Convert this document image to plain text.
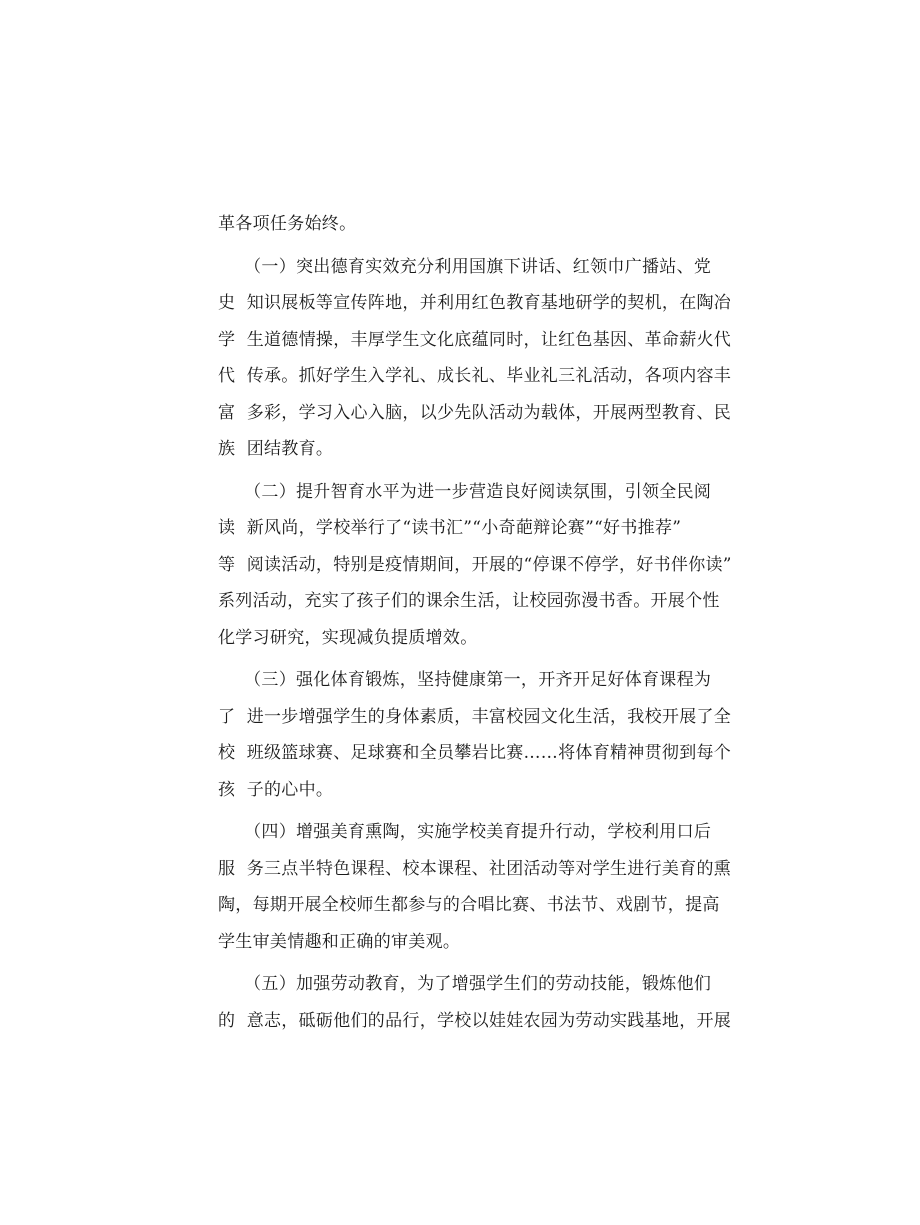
革各项任务始终。
　　（一）突出德育实效充分利用国旗下讲话、红领巾广播站、党
史  知识展板等宣传阵地，并利用红色教育基地研学的契机，在陶冶
学  生道德情操，丰厚学生文化底蕴同时，让红色基因、革命薪火代
代  传承。抓好学生入学礼、成长礼、毕业礼三礼活动，各项内容丰
富  多彩，学习入心入脑，以少先队活动为载体，开展两型教育、民
族  团结教育。
　　（二）提升智育水平为进一步营造良好阅读氛围，引领全民阅
读  新风尚，学校举行了“读书汇”“小奇葩辩论赛”“好书推荐”
等  阅读活动，特别是疫情期间，开展的“停课不停学，好书伴你读”
系列活动，充实了孩子们的课余生活，让校园弥漫书香。开展个性
化学习研究，实现减负提质增效。
　　（三）强化体育锻炼，坚持健康第一，开齐开足好体育课程为
了  进一步增强学生的身体素质，丰富校园文化生活，我校开展了全
校  班级篮球赛、足球赛和全员攀岩比赛……将体育精神贯彻到每个
孩  子的心中。
　　（四）增强美育熏陶，实施学校美育提升行动，学校利用口后
服  务三点半特色课程、校本课程、社团活动等对学生进行美育的熏
陶，每期开展全校师生都参与的合唱比赛、书法节、戏剧节，提高
学生审美情趣和正确的审美观。
　　（五）加强劳动教育，为了增强学生们的劳动技能，锻炼他们
的  意志，砥砺他们的品行，学校以娃娃农园为劳动实践基地，开展
